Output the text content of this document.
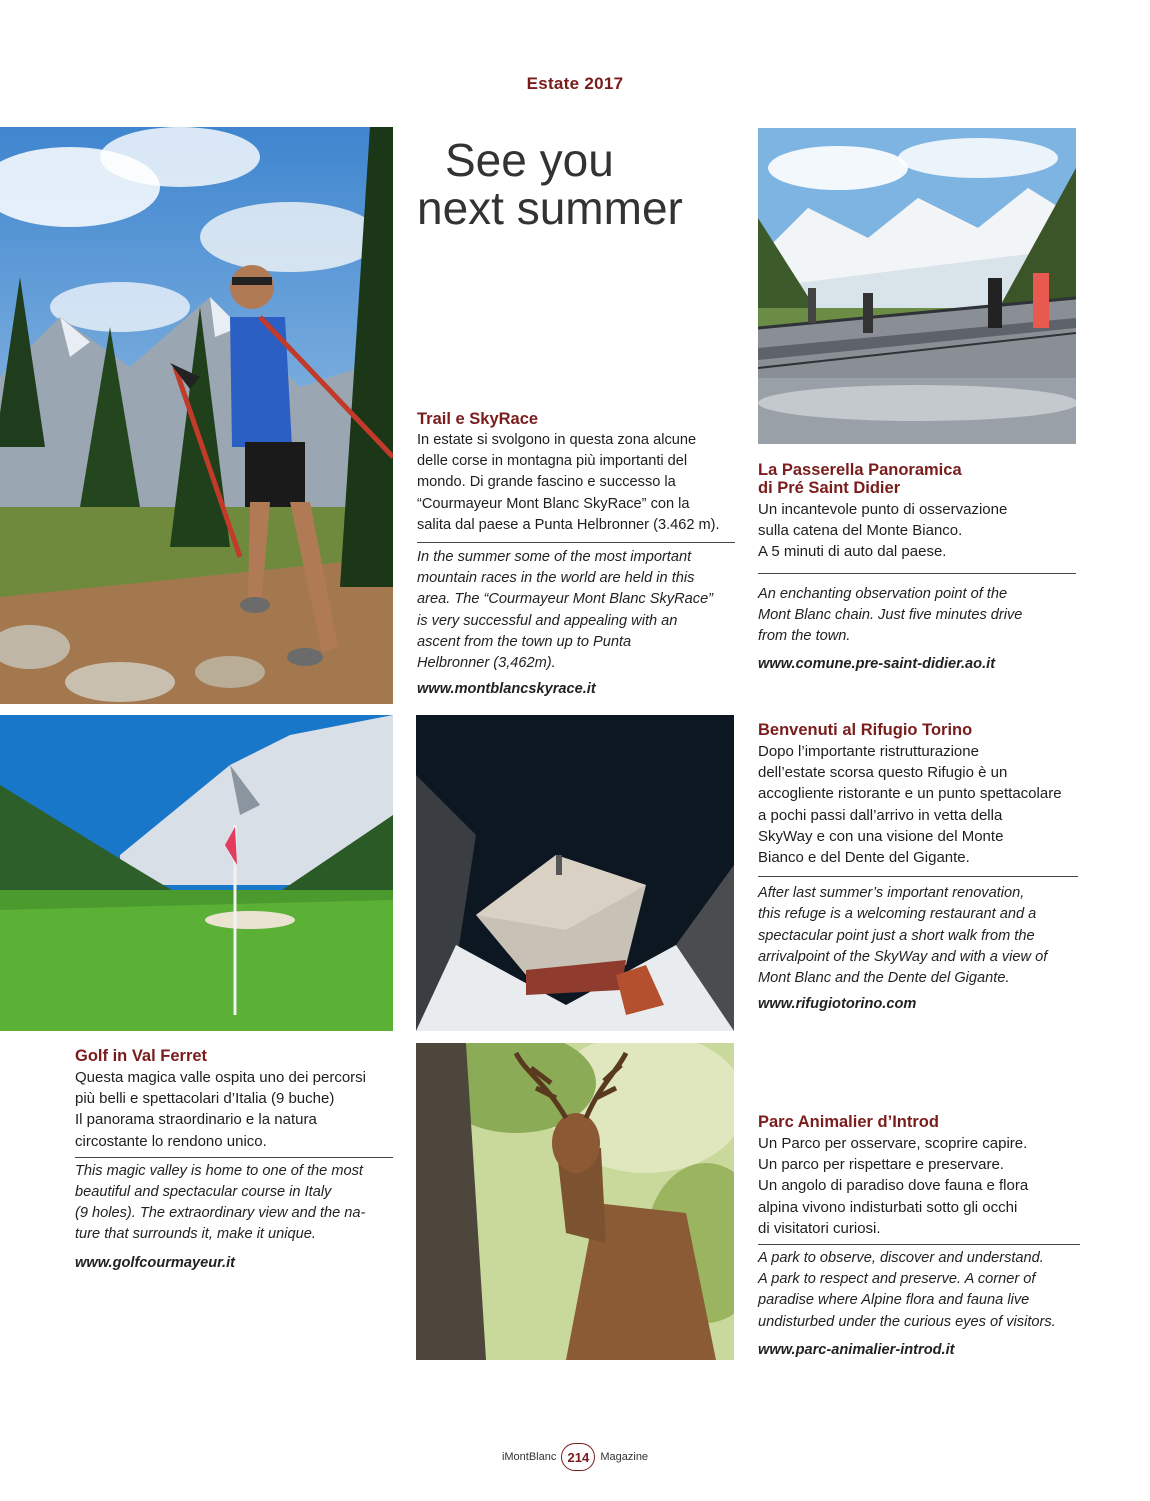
Estate 2017
See you
next summer
Trail e SkyRace

In estate si svolgono in questa zona alcune
delle corse in montagna più importanti del
mondo. Di grande fascino e successo la
“Courmayeur Mont Blanc SkyRace” con la
salita dal paese a Punta Helbronner (3.462 m).

In the summer some of the most important
mountain races in the world are held in this
area. The “Courmayeur Mont Blanc SkyRace”
is very successful and appealing with an
ascent from the town up to Punta
Helbronner (3,462m).

www.montblancskyrace.it

La Passerella Panoramica
di Pré Saint Didier

Un incantevole punto di osservazione
sulla catena del Monte Bianco.
A 5 minuti di auto dal paese.

An enchanting observation point of the
Mont Blanc chain. Just five minutes drive
from the town.

www.comune.pre-saint-didier.ao.it

Benvenuti al Rifugio Torino

Dopo l’importante ristrutturazione
dell’estate scorsa questo Rifugio è un
accogliente ristorante e un punto spettacolare
a pochi passi dall’arrivo in vetta della
SkyWay e con una visione del Monte
Bianco e del Dente del Gigante.

After last summer’s important renovation,
this refuge is a welcoming restaurant and a
spectacular point just a short walk from the
arrivalpoint of the SkyWay and with a view of
Mont Blanc and the Dente del Gigante.

www.rifugiotorino.com

Golf in Val Ferret

Questa magica valle ospita uno dei percorsi
più belli e spettacolari d’Italia (9 buche)
Il panorama straordinario e la natura
circostante lo rendono unico.

This magic valley is home to one of the most
beautiful and spectacular course in Italy
(9 holes). The extraordinary view and the na-
ture that surrounds it, make it unique.

www.golfcourmayeur.it

Parc Animalier d’Introd

Un Parco per osservare, scoprire capire.
Un parco per rispettare e preservare.
Un angolo di paradiso dove fauna e flora
alpina vivono indisturbati sotto gli occhi
di visitatori curiosi.

A park to observe, discover and understand.
A park to respect and preserve. A corner of
paradise where Alpine flora and fauna live
undisturbed under the curious eyes of visitors.

www.parc-animalier-introd.it

iMontBlanc 214	Magazine
